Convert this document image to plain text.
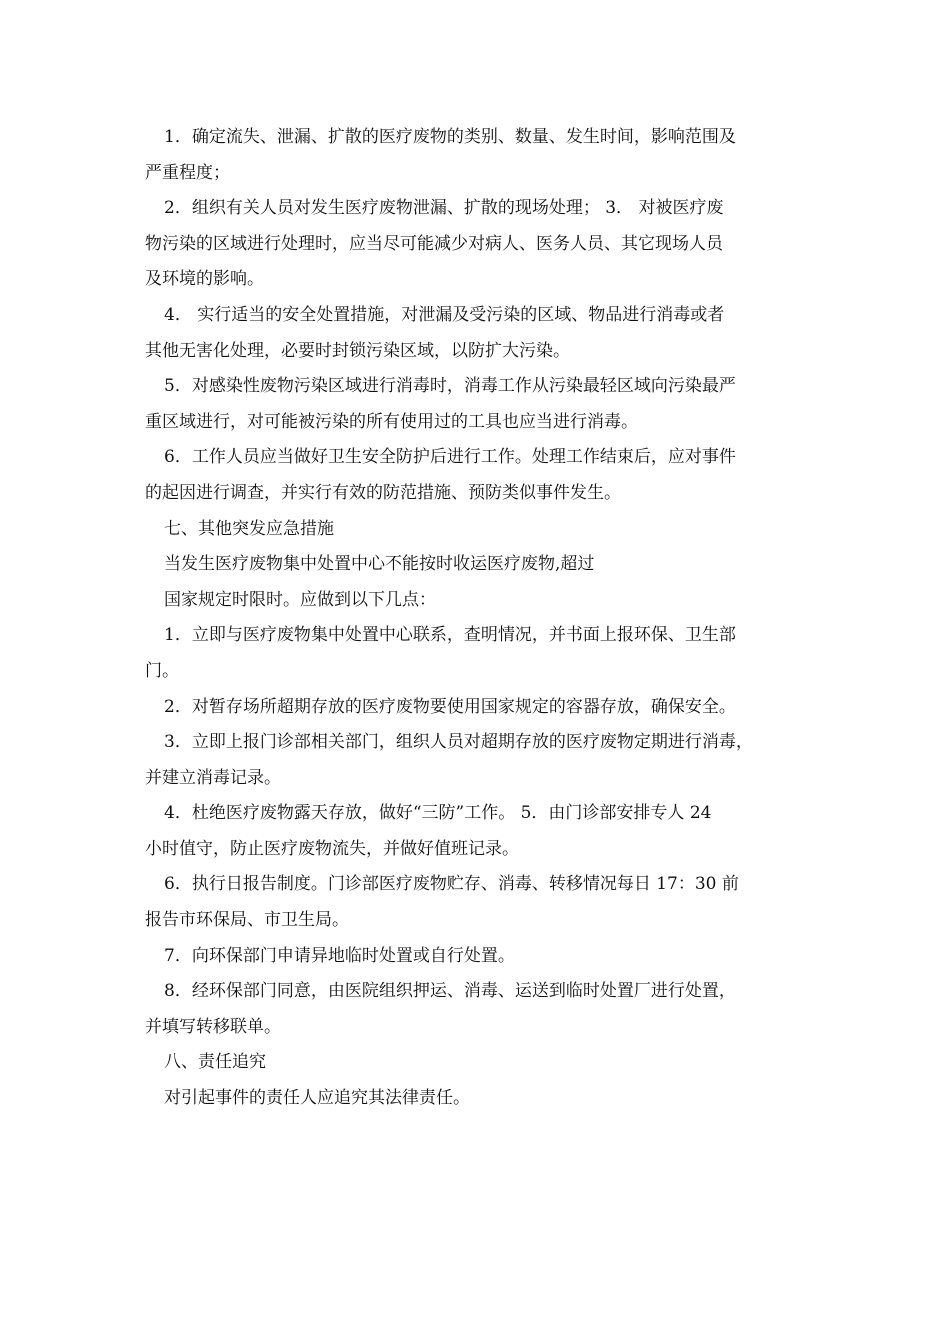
1．确定流失、泄漏、扩散的医疗废物的类别、数量、发生时间，影响范围及
严重程度；
2．组织有关人员对发生医疗废物泄漏、扩散的现场处理； 3． 对被医疗废
物污染的区域进行处理时，应当尽可能减少对病人、医务人员、其它现场人员
及环境的影响。
4． 实行适当的安全处置措施，对泄漏及受污染的区域、物品进行消毒或者
其他无害化处理，必要时封锁污染区域，以防扩大污染。
5．对感染性废物污染区域进行消毒时，消毒工作从污染最轻区域向污染最严
重区域进行，对可能被污染的所有使用过的工具也应当进行消毒。
6．工作人员应当做好卫生安全防护后进行工作。处理工作结束后，应对事件
的起因进行调查，并实行有效的防范措施、预防类似事件发生。
七、其他突发应急措施
当发生医疗废物集中处置中心不能按时收运医疗废物,超过
国家规定时限时。应做到以下几点：
1．立即与医疗废物集中处置中心联系，查明情况，并书面上报环保、卫生部
门。
2．对暂存场所超期存放的医疗废物要使用国家规定的容器存放，确保安全。
3．立即上报门诊部相关部门，组织人员对超期存放的医疗废物定期进行消毒，
并建立消毒记录。
4．杜绝医疗废物露天存放，做好“三防”工作。 5．由门诊部安排专人 24
小时值守，防止医疗废物流失，并做好值班记录。
6．执行日报告制度。门诊部医疗废物贮存、消毒、转移情况每日 17：30 前
报告市环保局、市卫生局。
7．向环保部门申请异地临时处置或自行处置。
8．经环保部门同意，由医院组织押运、消毒、运送到临时处置厂进行处置，
并填写转移联单。
八、责任追究
对引起事件的责任人应追究其法律责任。
